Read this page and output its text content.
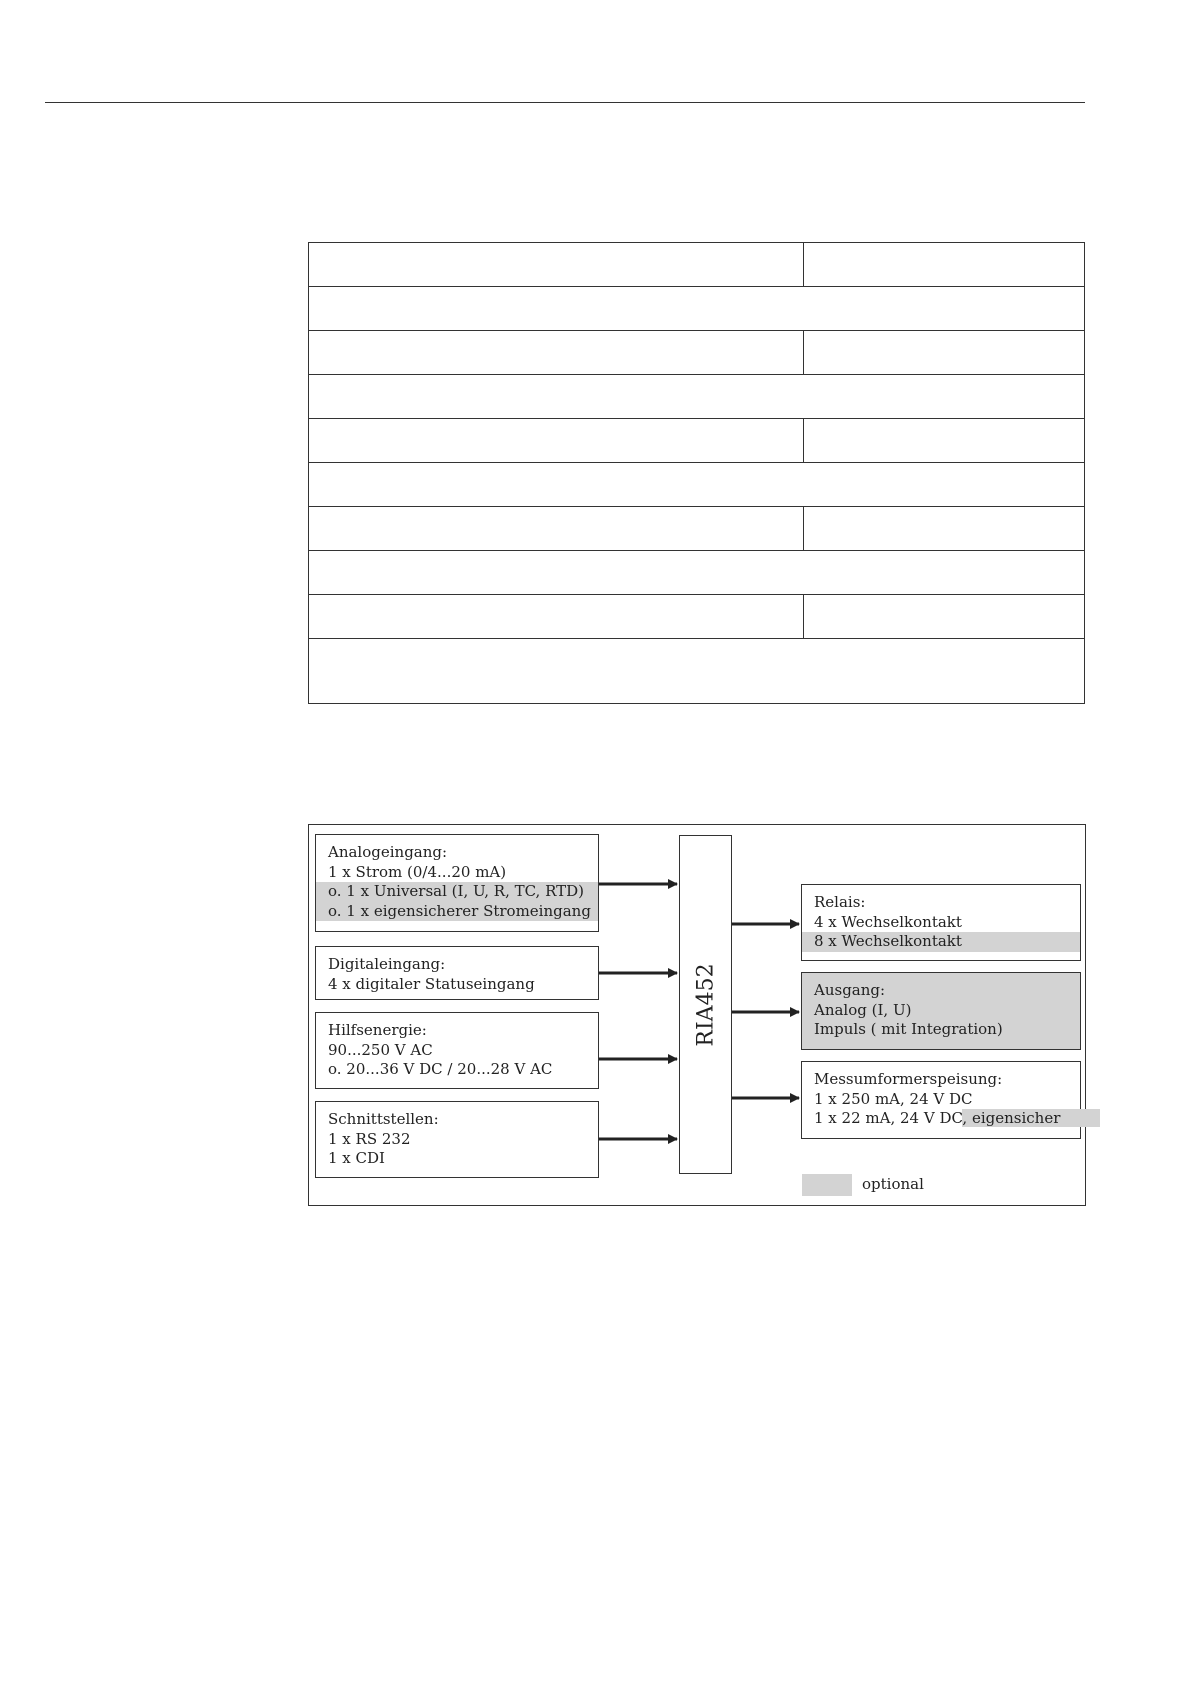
Analogeingang:
1 x Strom (0/4...20 mA)
o. 1 x Universal (I, U, R, TC, RTD)
o. 1 x eigensicherer Stromeingang
Digitaleingang:
4 x digitaler Statuseingang
Hilfsenergie:
90...250 V AC
o. 20...36 V DC / 20...28 V AC
Schnittstellen:
1 x RS 232
1 x CDI
RIA452
Relais:
4 x Wechselkontakt
8 x Wechselkontakt
Ausgang:
Analog (I, U)
Impuls ( mit Integration)
Messumformerspeisung:
1 x 250 mA, 24 V DC
1 x 22 mA, 24 V DC, eigensicher
optional
